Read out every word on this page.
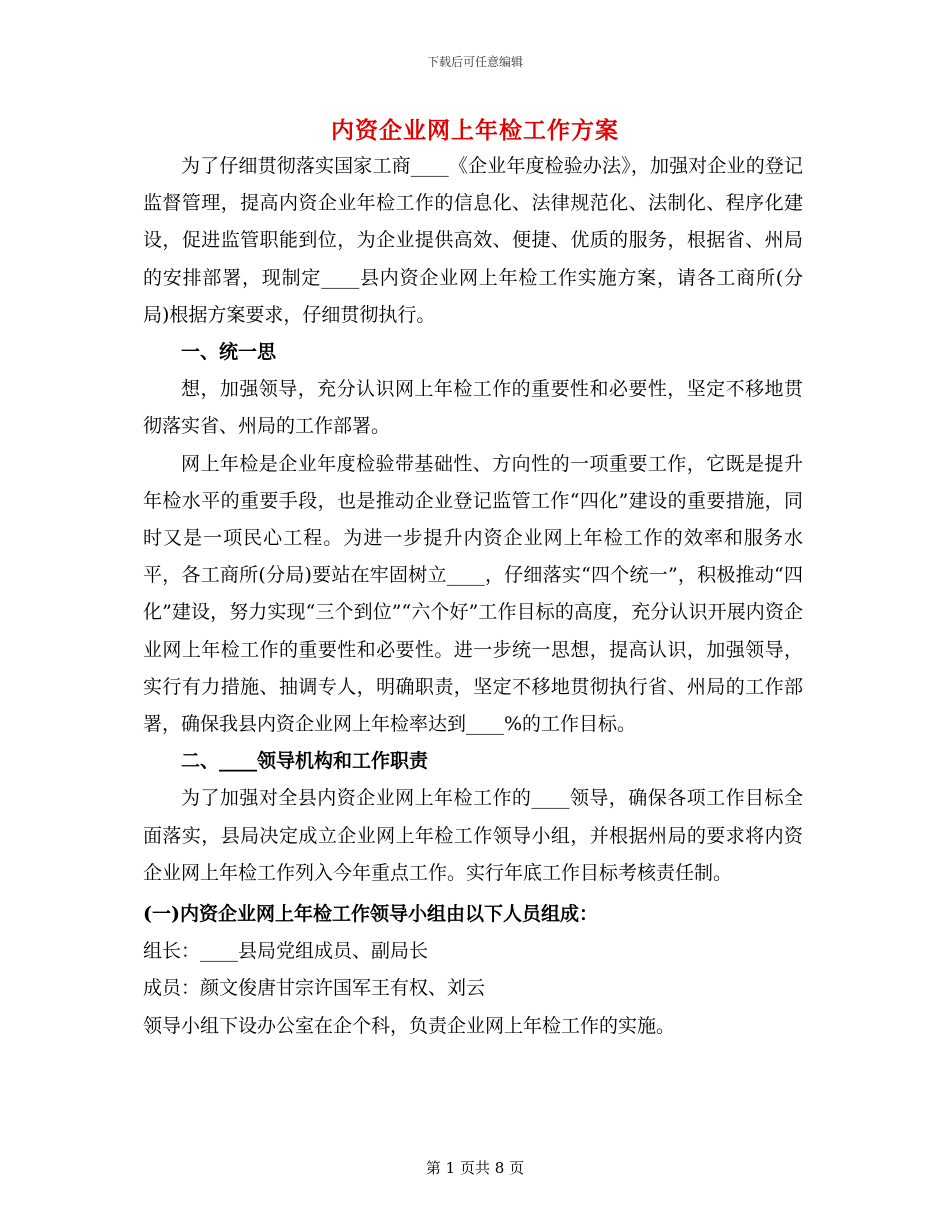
下载后可任意编辑
内资企业网上年检工作方案

为了仔细贯彻落实国家工商____《企业年度检验办法》，加强对企业的登记监督管理，提高内资企业年检工作的信息化、法律规范化、法制化、程序化建设，促进监管职能到位，为企业提供高效、便捷、优质的服务，根据省、州局的安排部署，现制定____县内资企业网上年检工作实施方案，请各工商所(分局)根据方案要求，仔细贯彻执行。

一、统一思

想，加强领导，充分认识网上年检工作的重要性和必要性，坚定不移地贯彻落实省、州局的工作部署。

网上年检是企业年度检验带基础性、方向性的一项重要工作，它既是提升年检水平的重要手段，也是推动企业登记监管工作“四化”建设的重要措施，同时又是一项民心工程。为进一步提升内资企业网上年检工作的效率和服务水平，各工商所(分局)要站在牢固树立____，仔细落实“四个统一”，积极推动“四化”建设，努力实现“三个到位”“六个好”工作目标的高度，充分认识开展内资企业网上年检工作的重要性和必要性。进一步统一思想，提高认识，加强领导，实行有力措施、抽调专人，明确职责，坚定不移地贯彻执行省、州局的工作部署，确保我县内资企业网上年检率达到____%的工作目标。

二、____领导机构和工作职责

为了加强对全县内资企业网上年检工作的____领导，确保各项工作目标全面落实，县局决定成立企业网上年检工作领导小组，并根据州局的要求将内资企业网上年检工作列入今年重点工作。实行年底工作目标考核责任制。

(一)内资企业网上年检工作领导小组由以下人员组成：

组长：____县局党组成员、副局长

成员：颜文俊唐甘宗许国军王有权、刘云

领导小组下设办公室在企个科，负责企业网上年检工作的实施。

第 1 页共 8 页
